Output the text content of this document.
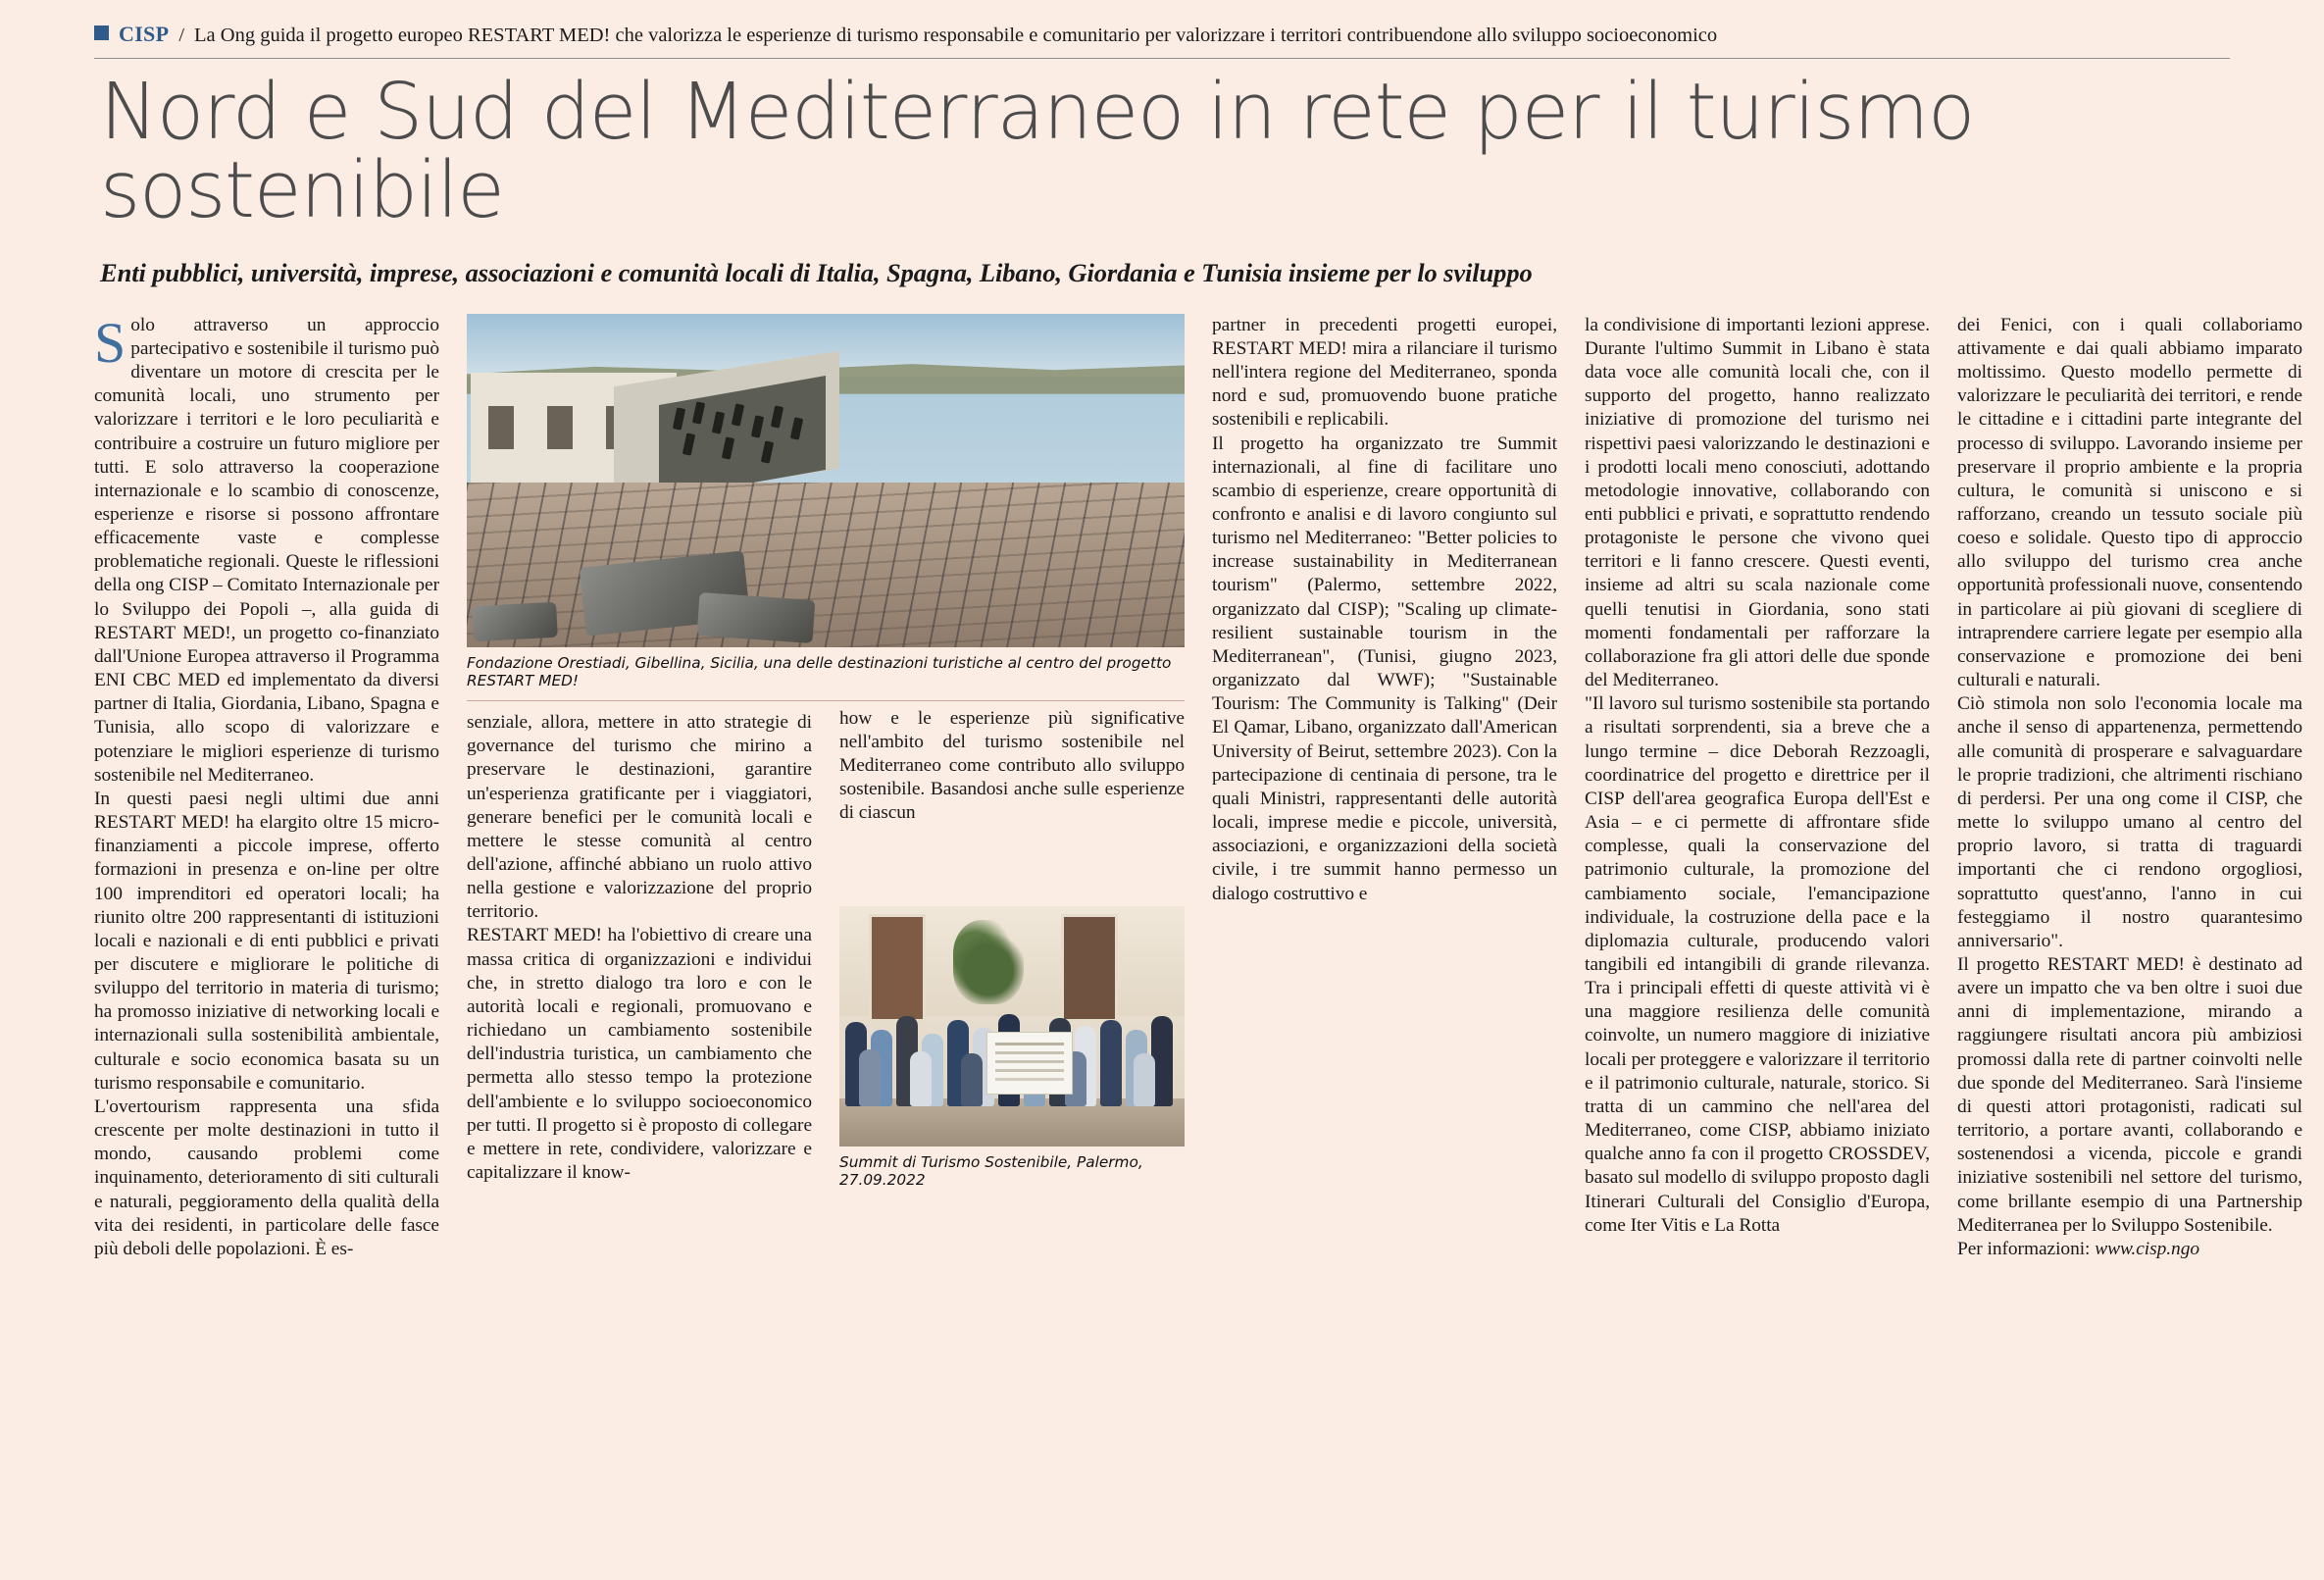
CISP / La Ong guida il progetto europeo RESTART MED! che valorizza le esperienze di turismo responsabile e comunitario per valorizzare i territori contribuendone allo sviluppo socioeconomico
Nord e Sud del Mediterraneo in rete per il turismo sostenibile
Enti pubblici, università, imprese, associazioni e comunità locali di Italia, Spagna, Libano, Giordania e Tunisia insieme per lo sviluppo

Solo attraverso un approccio partecipativo e sostenibile il turismo può diventare un motore di crescita per le comunità locali, uno strumento per valorizzare i territori e le loro peculiarità e contribuire a costruire un futuro migliore per tutti. E solo attraverso la cooperazione internazionale e lo scambio di conoscenze, esperienze e risorse si possono affrontare efficacemente vaste e complesse problematiche regionali. Queste le riflessioni della ong CISP – Comitato Internazionale per lo Sviluppo dei Popoli –, alla guida di RESTART MED!, un progetto co-finanziato dall'Unione Europea attraverso il Programma ENI CBC MED ed implementato da diversi partner di Italia, Giordania, Libano, Spagna e Tunisia, allo scopo di valorizzare e potenziare le migliori esperienze di turismo sostenibile nel Mediterraneo.

In questi paesi negli ultimi due anni RESTART MED! ha elargito oltre 15 micro-finanziamenti a piccole imprese, offerto formazioni in presenza e on-line per oltre 100 imprenditori ed operatori locali; ha riunito oltre 200 rappresentanti di istituzioni locali e nazionali e di enti pubblici e privati per discutere e migliorare le politiche di sviluppo del territorio in materia di turismo; ha promosso iniziative di networking locali e internazionali sulla sostenibilità ambientale, culturale e socio economica basata su un turismo responsabile e comunitario.

L'overtourism rappresenta una sfida crescente per molte destinazioni in tutto il mondo, causando problemi come inquinamento, deterioramento di siti culturali e naturali, peggioramento della qualità della vita dei residenti, in particolare delle fasce più deboli delle popolazioni. È es-

Fondazione Orestiadi, Gibellina, Sicilia, una delle destinazioni turistiche al centro del progetto RESTART MED!

senziale, allora, mettere in atto strategie di governance del turismo che mirino a preservare le destinazioni, garantire un'esperienza gratificante per i viaggiatori, generare benefici per le comunità locali e mettere le stesse comunità al centro dell'azione, affinché abbiano un ruolo attivo nella gestione e valorizzazione del proprio territorio.

RESTART MED! ha l'obiettivo di creare una massa critica di organizzazioni e individui che, in stretto dialogo tra loro e con le autorità locali e regionali, promuovano e richiedano un cambiamento sostenibile dell'industria turistica, un cambiamento che permetta allo stesso tempo la protezione dell'ambiente e lo sviluppo socioeconomico per tutti. Il progetto si è proposto di collegare e mettere in rete, condividere, valorizzare e capitalizzare il know-

how e le esperienze più significative nell'ambito del turismo sostenibile nel Mediterraneo come contributo allo sviluppo sostenibile. Basandosi anche sulle esperienze di ciascun

Summit di Turismo Sostenibile, Palermo, 27.09.2022

partner in precedenti progetti europei, RESTART MED! mira a rilanciare il turismo nell'intera regione del Mediterraneo, sponda nord e sud, promuovendo buone pratiche sostenibili e replicabili.

Il progetto ha organizzato tre Summit internazionali, al fine di facilitare uno scambio di esperienze, creare opportunità di confronto e analisi e di lavoro congiunto sul turismo nel Mediterraneo: "Better policies to increase sustainability in Mediterranean tourism" (Palermo, settembre 2022, organizzato dal CISP); "Scaling up climate-resilient sustainable tourism in the Mediterranean", (Tunisi, giugno 2023, organizzato dal WWF); "Sustainable Tourism: The Community is Talking" (Deir El Qamar, Libano, organizzato dall'American University of Beirut, settembre 2023). Con la partecipazione di centinaia di persone, tra le quali Ministri, rappresentanti delle autorità locali, imprese medie e piccole, università, associazioni, e organizzazioni della società civile, i tre summit hanno permesso un dialogo costruttivo e

la condivisione di importanti lezioni apprese. Durante l'ultimo Summit in Libano è stata data voce alle comunità locali che, con il supporto del progetto, hanno realizzato iniziative di promozione del turismo nei rispettivi paesi valorizzando le destinazioni e i prodotti locali meno conosciuti, adottando metodologie innovative, collaborando con enti pubblici e privati, e soprattutto rendendo protagoniste le persone che vivono quei territori e li fanno crescere. Questi eventi, insieme ad altri su scala nazionale come quelli tenutisi in Giordania, sono stati momenti fondamentali per rafforzare la collaborazione fra gli attori delle due sponde del Mediterraneo.

"Il lavoro sul turismo sostenibile sta portando a risultati sorprendenti, sia a breve che a lungo termine – dice Deborah Rezzoagli, coordinatrice del progetto e direttrice per il CISP dell'area geografica Europa dell'Est e Asia – e ci permette di affrontare sfide complesse, quali la conservazione del patrimonio culturale, la promozione del cambiamento sociale, l'emancipazione individuale, la costruzione della pace e la diplomazia culturale, producendo valori tangibili ed intangibili di grande rilevanza. Tra i principali effetti di queste attività vi è una maggiore resilienza delle comunità coinvolte, un numero maggiore di iniziative locali per proteggere e valorizzare il territorio e il patrimonio culturale, naturale, storico. Si tratta di un cammino che nell'area del Mediterraneo, come CISP, abbiamo iniziato qualche anno fa con il progetto CROSSDEV, basato sul modello di sviluppo proposto dagli Itinerari Culturali del Consiglio d'Europa, come Iter Vitis e La Rotta

dei Fenici, con i quali collaboriamo attivamente e dai quali abbiamo imparato moltissimo. Questo modello permette di valorizzare le peculiarità dei territori, e rende le cittadine e i cittadini parte integrante del processo di sviluppo. Lavorando insieme per preservare il proprio ambiente e la propria cultura, le comunità si uniscono e si rafforzano, creando un tessuto sociale più coeso e solidale. Questo tipo di approccio allo sviluppo del turismo crea anche opportunità professionali nuove, consentendo in particolare ai più giovani di scegliere di intraprendere carriere legate per esempio alla conservazione e promozione dei beni culturali e naturali.

Ciò stimola non solo l'economia locale ma anche il senso di appartenenza, permettendo alle comunità di prosperare e salvaguardare le proprie tradizioni, che altrimenti rischiano di perdersi. Per una ong come il CISP, che mette lo sviluppo umano al centro del proprio lavoro, si tratta di traguardi importanti che ci rendono orgogliosi, soprattutto quest'anno, l'anno in cui festeggiamo il nostro quarantesimo anniversario".

Il progetto RESTART MED! è destinato ad avere un impatto che va ben oltre i suoi due anni di implementazione, mirando a raggiungere risultati ancora più ambiziosi promossi dalla rete di partner coinvolti nelle due sponde del Mediterraneo. Sarà l'insieme di questi attori protagonisti, radicati sul territorio, a portare avanti, collaborando e sostenendosi a vicenda, piccole e grandi iniziative sostenibili nel settore del turismo, come brillante esempio di una Partnership Mediterranea per lo Sviluppo Sostenibile.

Per informazioni: www.cisp.ngo
